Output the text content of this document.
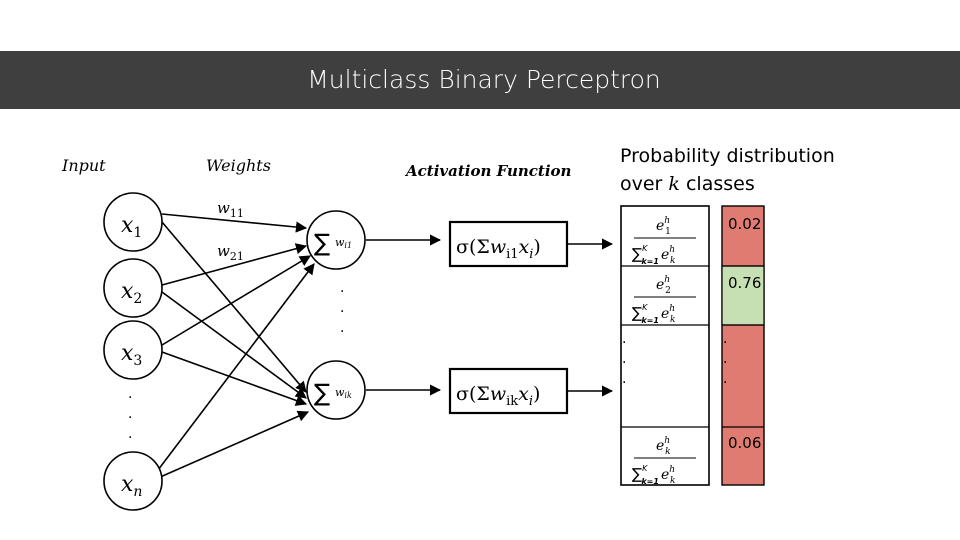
Multiclass Binary Perceptron
Input	Weights	Activation Function
Probability distribution
over k classes
$x_1$
$x_2$
$x_3$
$x_n$
.
.
.
$w_{11}$
$w_{21}$	∑ wi1
∑ wik
.
.
.
$\sigma(\Sigma w_{i1}x_i)$
$\sigma(\Sigma w_{ik}x_i)$
$e^h$ 1
∑$^K$ k=1 $e^h$ k
$e^h$ 2
∑$^K$ k=1 $e^h$ k
.
.
.
$e^h$ k
∑$^K$ k=1 $e^h$ k
0.02
0.76
.
.
.
0.06
